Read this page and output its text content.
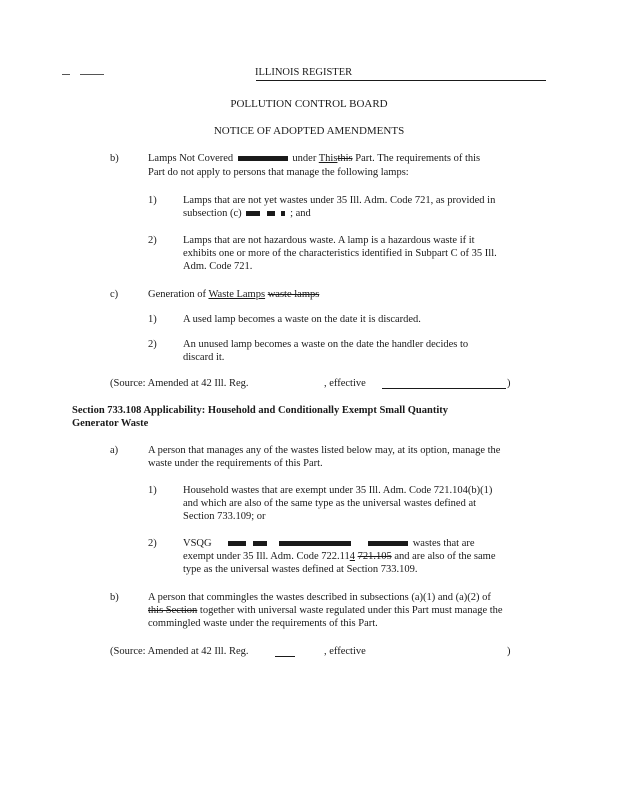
ILLINOIS REGISTER
POLLUTION CONTROL BOARD
NOTICE OF ADOPTED AMENDMENTS
b)	Lamps Not Covered	under Thisthis Part. The requirements of this
Part do not apply to persons that manage the following lamps:
1)	Lamps that are not yet wastes under 35 Ill. Adm. Code 721, as provided in
subsection (c)	; and
2)	Lamps that are not hazardous waste. A lamp is a hazardous waste if it
exhibits one or more of the characteristics identified in Subpart C of 35 Ill.
Adm. Code 721.
c)	Generation of Waste Lamps waste lamps
1)	A used lamp becomes a waste on the date it is discarded.
2)	An unused lamp becomes a waste on the date the handler decides to
discard it.
(Source: Amended at 42 Ill. Reg.	, effective	)
Section 733.108 Applicability: Household and Conditionally Exempt Small Quantity
Generator Waste
a)	A person that manages any of the wastes listed below may, at its option, manage the
waste under the requirements of this Part.
1)	Household wastes that are exempt under 35 Ill. Adm. Code 721.104(b)(1)
and which are also of the same type as the universal wastes defined at
Section 733.109; or
2)	VSQG	wastes that are
exempt under 35 Ill. Adm. Code 722.114 721.105 and are also of the same
type as the universal wastes defined at Section 733.109.
b)	A person that commingles the wastes described in subsections (a)(1) and (a)(2) of
this Section together with universal waste regulated under this Part must manage the
commingled waste under the requirements of this Part.
(Source: Amended at 42 Ill. Reg.	, effective	)
